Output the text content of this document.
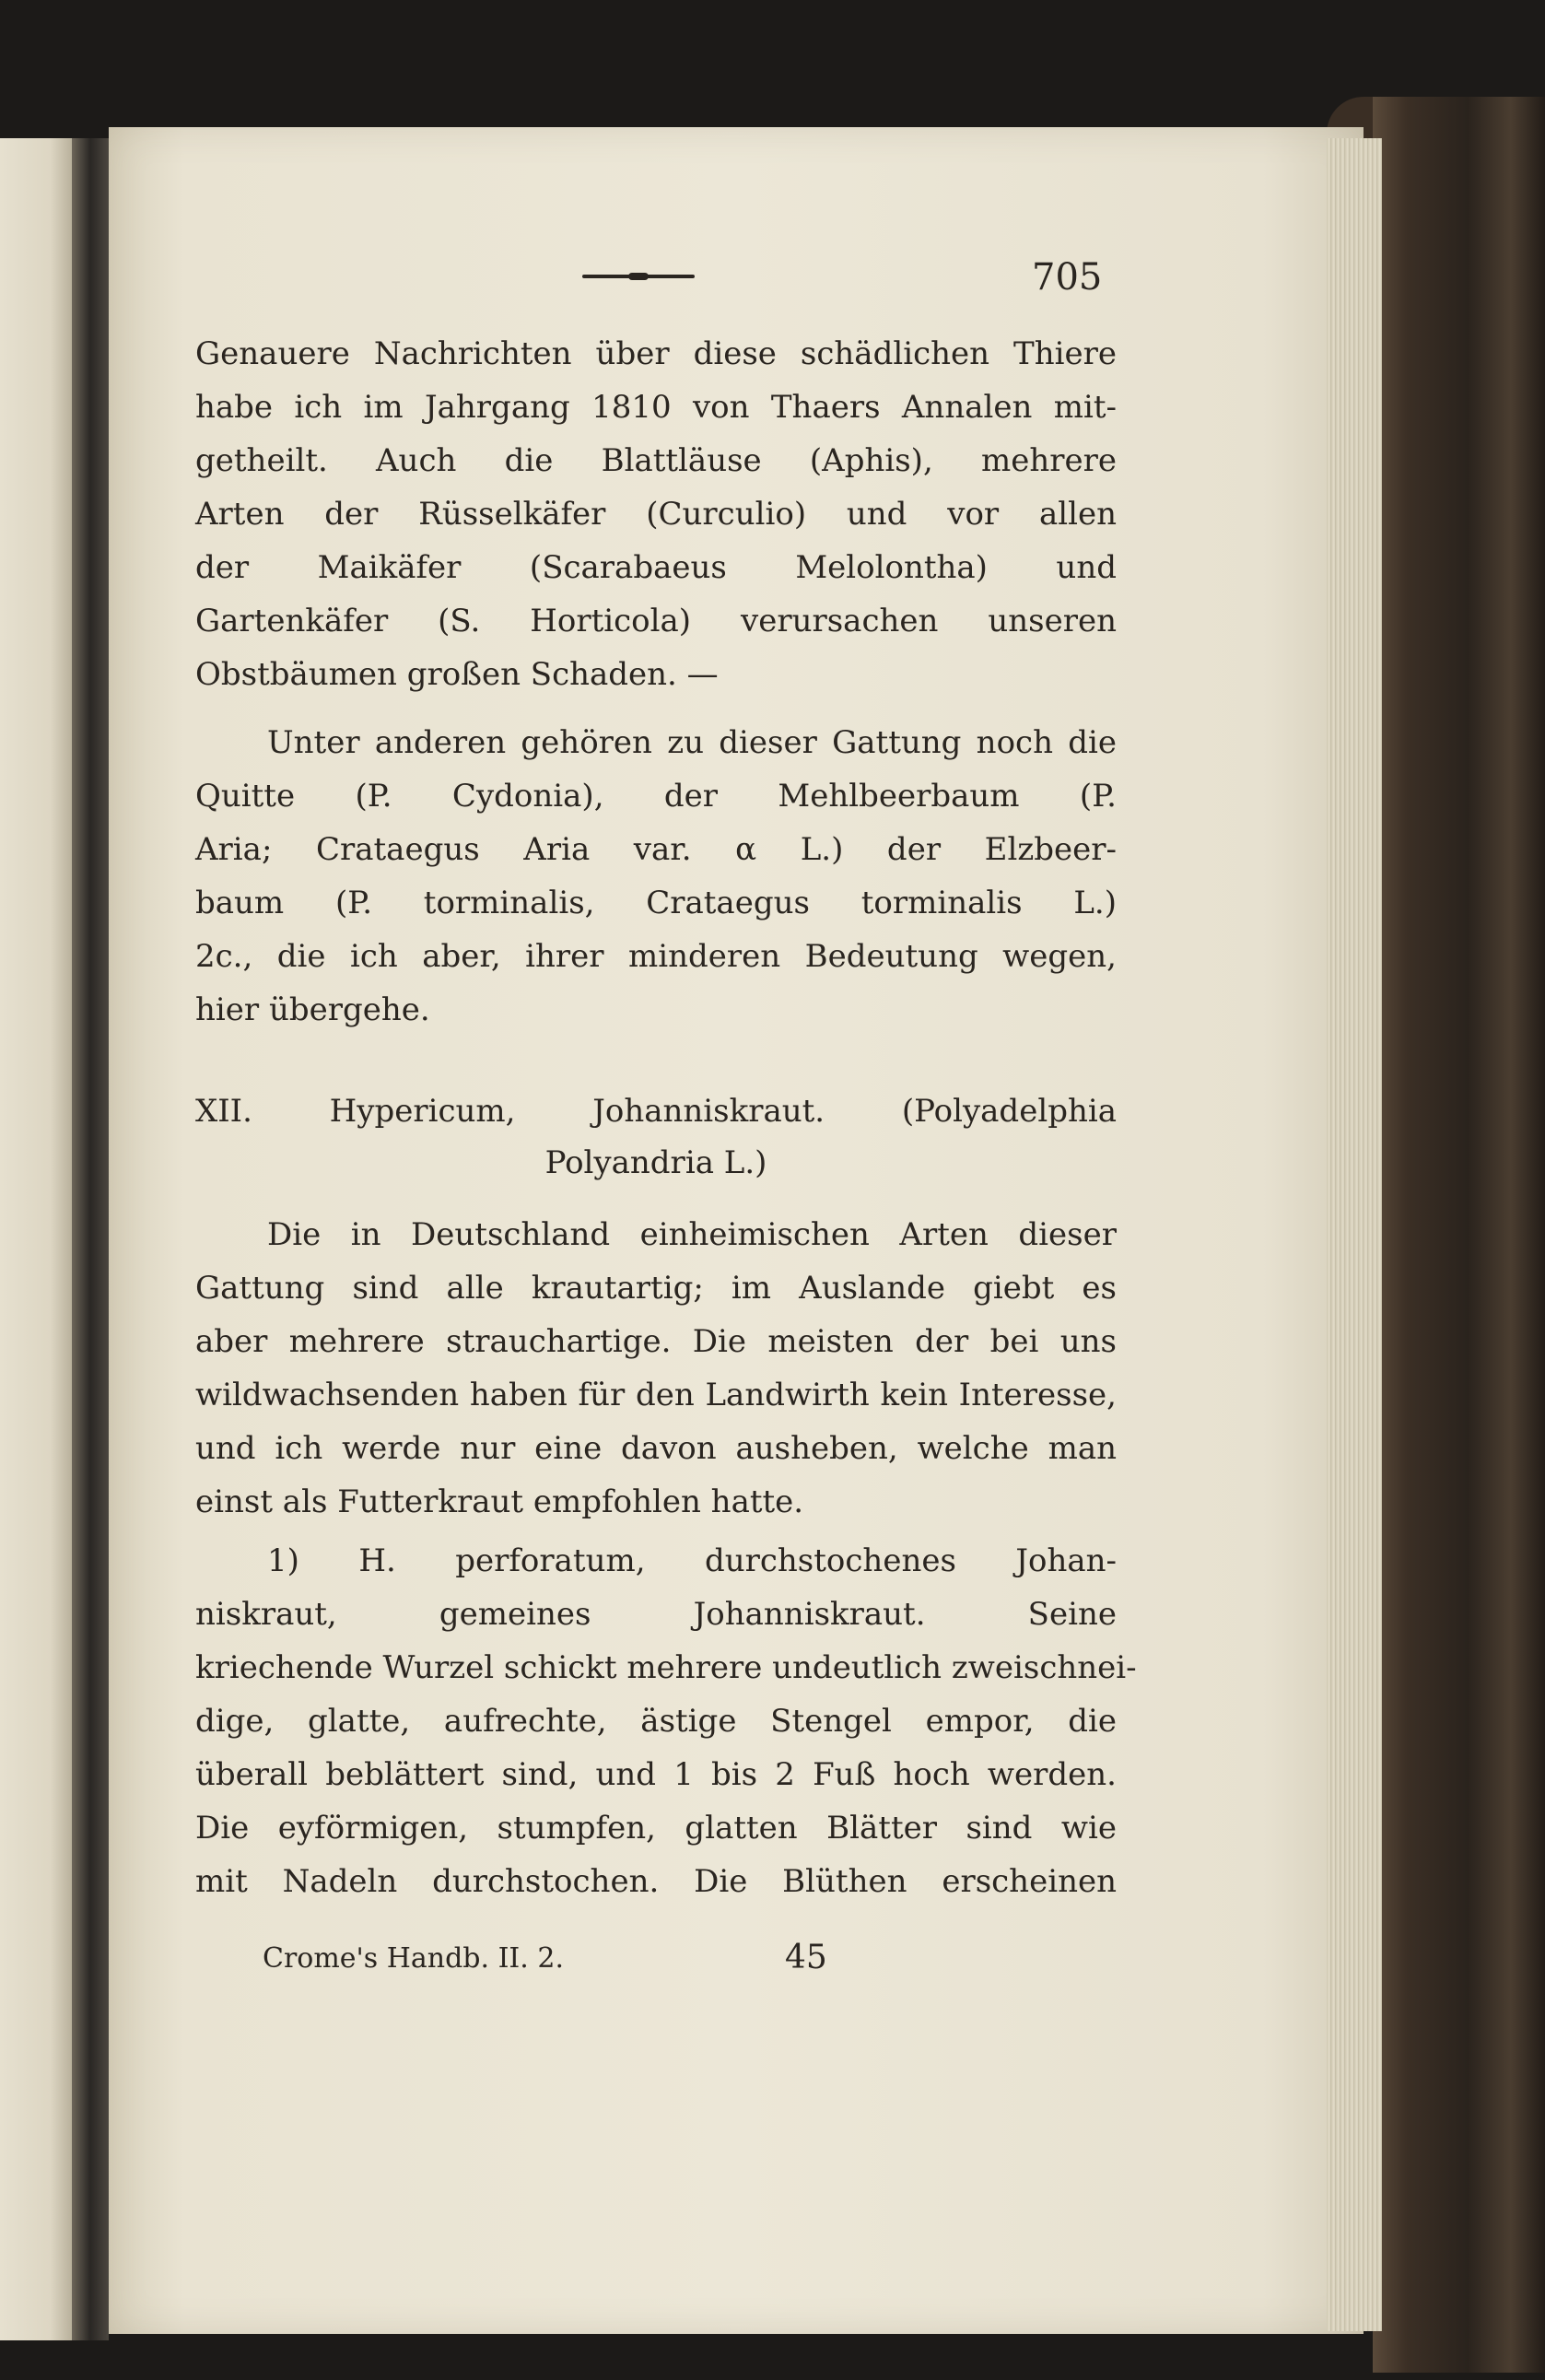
705
Genauere Nachrichten über diese schädlichen Thiere
habe ich im Jahrgang 1810 von Thaers Annalen mit-
getheilt. Auch die Blattläuse (Aphis), mehrere
Arten der Rüsselkäfer (Curculio) und vor allen
der Maikäfer (Scarabaeus Melolontha) und
Gartenkäfer (S. Horticola) verursachen unseren
Obstbäumen großen Schaden. —
Unter anderen gehören zu dieser Gattung noch die
Quitte (P. Cydonia), der Mehlbeerbaum (P.
Aria; Crataegus Aria var. α L.) der Elzbeer-
baum (P. torminalis, Crataegus torminalis L.)
2c., die ich aber, ihrer minderen Bedeutung wegen,
hier übergehe.
XII. Hypericum, Johanniskraut. (Polyadelphia
Polyandria L.)
Die in Deutschland einheimischen Arten dieser
Gattung sind alle krautartig; im Auslande giebt es
aber mehrere strauchartige. Die meisten der bei uns
wildwachsenden haben für den Landwirth kein Interesse,
und ich werde nur eine davon ausheben, welche man
einst als Futterkraut empfohlen hatte.
1) H. perforatum, durchstochenes Johan-
niskraut, gemeines Johanniskraut. Seine
kriechende Wurzel schickt mehrere undeutlich zweischnei-
dige, glatte, aufrechte, ästige Stengel empor, die
überall beblättert sind, und 1 bis 2 Fuß hoch werden.
Die eyförmigen, stumpfen, glatten Blätter sind wie
mit Nadeln durchstochen. Die Blüthen erscheinen
Crome's Handb. II. 2.	45
